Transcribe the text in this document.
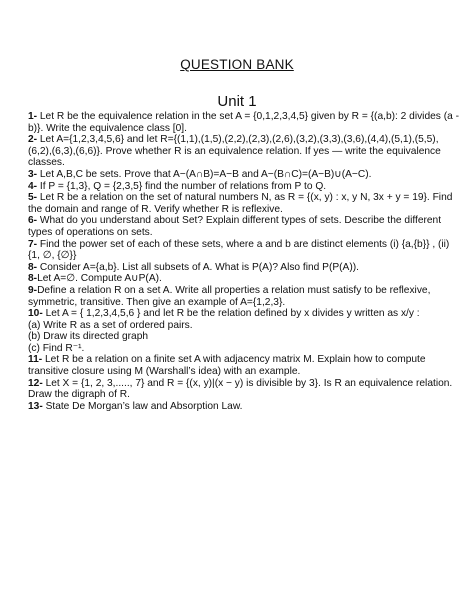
QUESTION BANK
Unit 1

1- Let R be the equivalence relation in the set A = {0,1,2,3,4,5} given by R = {(a,b): 2 divides (a - b)}. Write the equivalence class [0].

2- Let A={1,2,3,4,5,6} and let R={(1,1),(1,5),(2,2),(2,3),(2,6),(3,2),(3,3),(3,6),(4,4),(5,1),(5,5),(6,2),(6,3),(6,6)}. Prove whether R is an equivalence relation. If yes — write the equivalence classes.

3- Let A,B,C be sets. Prove that A−(A∩B)=A−B and A−(B∩C)=(A−B)∪(A−C).

4- If P = {1,3}, Q = {2,3,5} find the number of relations from P to Q.

5- Let R be a relation on the set of natural numbers N, as R = {(x, y) : x, y N, 3x + y = 19}. Find the domain and range of R. Verify whether R is reflexive.

6- What do you understand about Set? Explain different types of sets. Describe the different types of operations on sets.

7- Find the power set of each of these sets, where a and b are distinct elements (i) {a,{b}} , (ii) {1, ∅, {∅}}

8- Consider A={a,b}. List all subsets of A. What is P(A)? Also find P(P(A)).

8-Let A=∅. Compute A∪P(A).

9-Define a relation R on a set A. Write all properties a relation must satisfy to be reflexive, symmetric, transitive. Then give an example of A={1,2,3}.

10- Let A = { 1,2,3,4,5,6 } and let R be the relation defined by x divides y written as x/y :

(a) Write R as a set of ordered pairs.

(b) Draw its directed graph

(c) Find R⁻¹.

11- Let R be a relation on a finite set A with adjacency matrix M. Explain how to compute transitive closure using M (Warshall’s idea) with an example.

12- Let X = {1, 2, 3,....., 7} and R = {(x, y)|(x − y) is divisible by 3}. Is R an equivalence relation. Draw the digraph of R.

13- State De Morgan’s law and Absorption Law.
